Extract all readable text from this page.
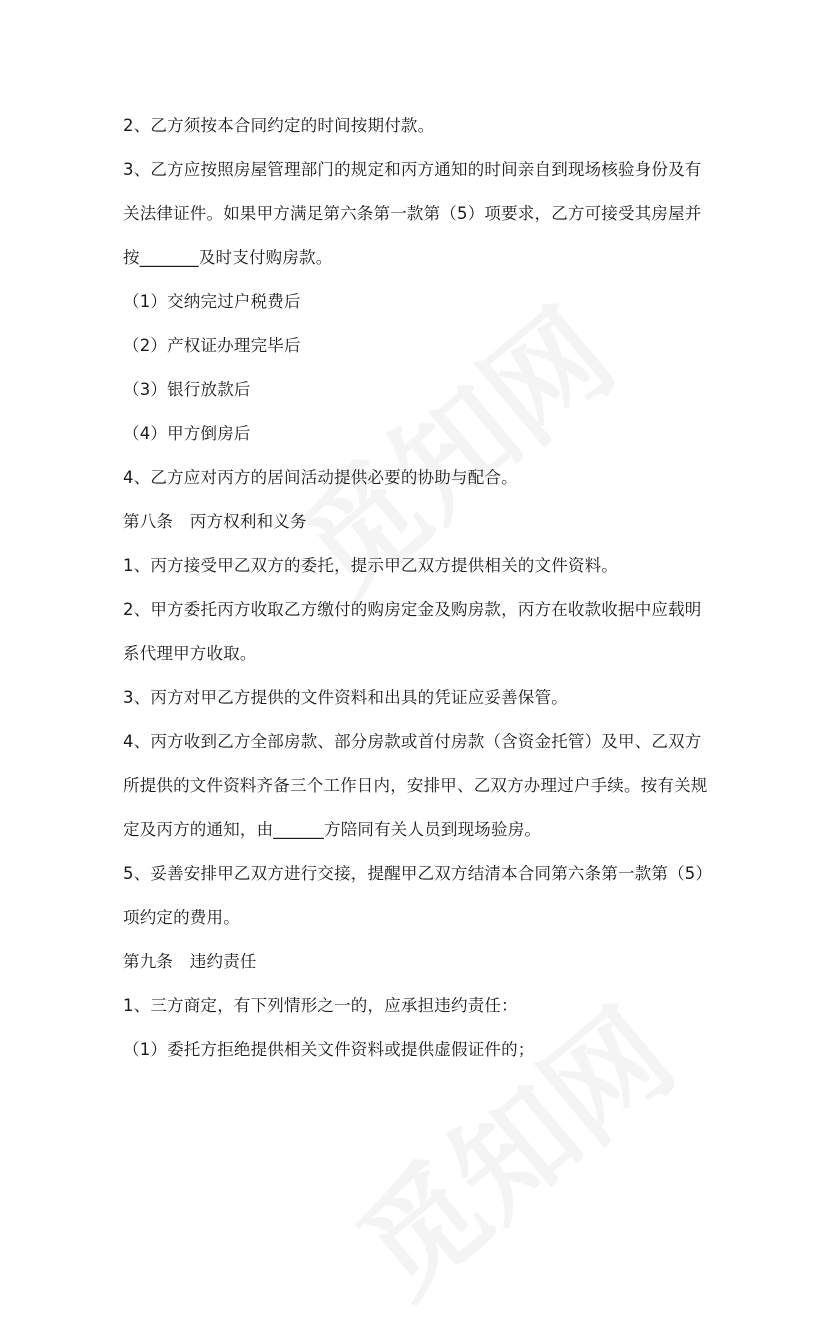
2、乙方须按本合同约定的时间按期付款。
3、乙方应按照房屋管理部门的规定和丙方通知的时间亲自到现场核验身份及有
关法律证件。如果甲方满足第六条第一款第（5）项要求，乙方可接受其房屋并
按_______及时支付购房款。
（1）交纳完过户税费后
（2）产权证办理完毕后
（3）银行放款后
（4）甲方倒房后
4、乙方应对丙方的居间活动提供必要的协助与配合。
第八条　丙方权利和义务
1、丙方接受甲乙双方的委托，提示甲乙双方提供相关的文件资料。
2、甲方委托丙方收取乙方缴付的购房定金及购房款，丙方在收款收据中应载明
系代理甲方收取。
3、丙方对甲乙方提供的文件资料和出具的凭证应妥善保管。
4、丙方收到乙方全部房款、部分房款或首付房款（含资金托管）及甲、乙双方
所提供的文件资料齐备三个工作日内，安排甲、乙双方办理过户手续。按有关规
定及丙方的通知，由______方陪同有关人员到现场验房。
5、妥善安排甲乙双方进行交接，提醒甲乙双方结清本合同第六条第一款第（5）
项约定的费用。
第九条　违约责任
1、三方商定，有下列情形之一的，应承担违约责任：
（1）委托方拒绝提供相关文件资料或提供虚假证件的；
